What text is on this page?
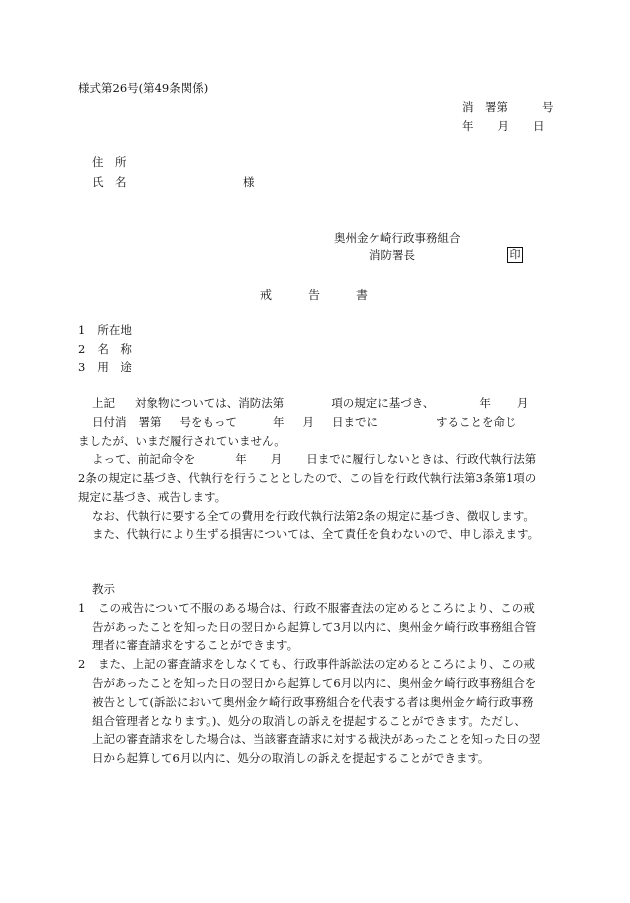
様式第26号(第49条関係)
消　署第	号
年 月 日
住　所
氏　名	様
奥州金ケ崎行政事務組合
消防署長	印
戒　　　告　　　書
1 所在地
2 名　称
3 用　途
上記 対象物については、消防法第	項の規定に基づき、	年 月
日付消 署第 号をもって	年 月 日までに	することを命じ
ましたが、いまだ履行されていません。
よって、前記命令を	年 月 日までに履行しないときは、行政代執行法第
2条の規定に基づき、代執行を行うこととしたので、この旨を行政代執行法第3条第1項の
規定に基づき、戒告します。
なお、代執行に要する全ての費用を行政代執行法第2条の規定に基づき、徴収します。
また、代執行により生ずる損害については、全て責任を負わないので、申し添えます。
教示
1 この戒告について不服のある場合は、行政不服審査法の定めるところにより、この戒
告があったことを知った日の翌日から起算して3月以内に、奥州金ケ崎行政事務組合管
理者に審査請求をすることができます。
2 また、上記の審査請求をしなくても、行政事件訴訟法の定めるところにより、この戒
告があったことを知った日の翌日から起算して6月以内に、奥州金ケ崎行政事務組合を
被告として(訴訟において奥州金ケ崎行政事務組合を代表する者は奥州金ケ崎行政事務
組合管理者となります。)、処分の取消しの訴えを提起することができます。ただし、
上記の審査請求をした場合は、当該審査請求に対する裁決があったことを知った日の翌
日から起算して6月以内に、処分の取消しの訴えを提起することができます。
